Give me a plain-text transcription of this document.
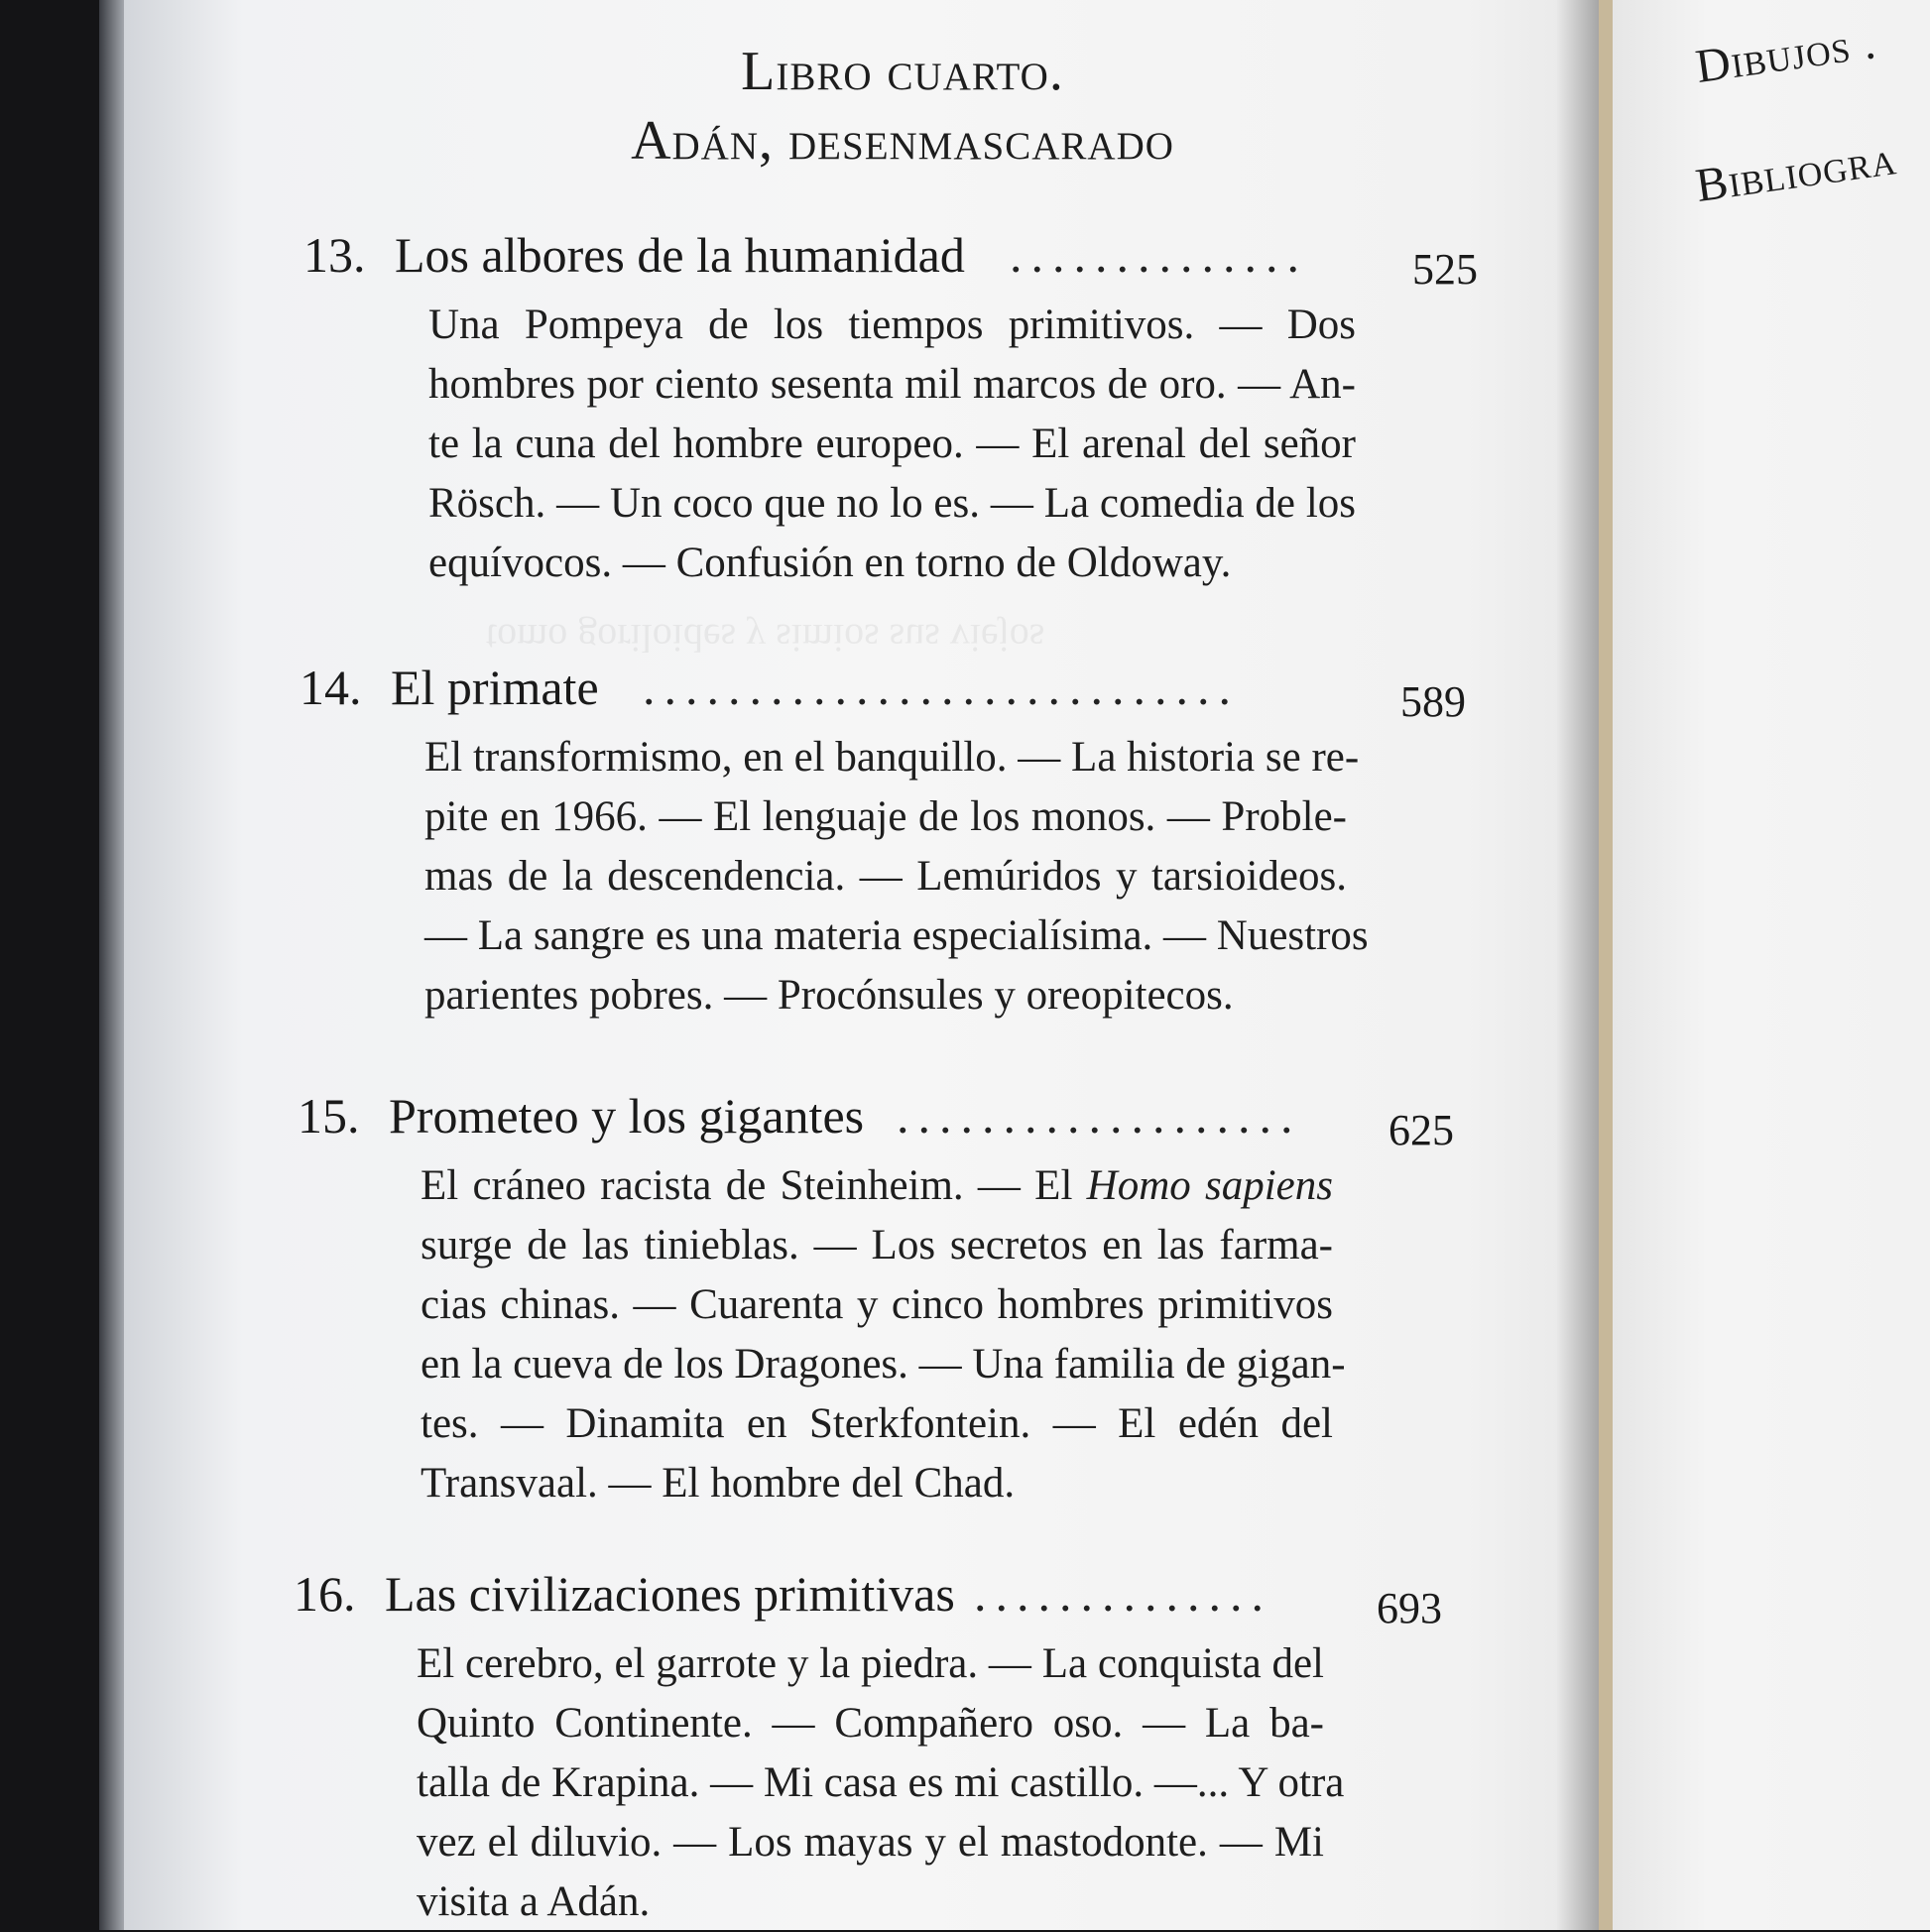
Dibujos .
Bibliogra
tomo goriloides y simios sus viejos
Libro cuarto.
Adán, desenmascarado
13. Los albores de la humanidad ..............	525
Una Pompeya de los tiempos primitivos. — Dos
hombres por ciento sesenta mil marcos de oro. — An-
te la cuna del hombre europeo. — El arenal del señor
Rösch. — Un coco que no lo es. — La comedia de los
equívocos. — Confusión en torno de Oldoway.
14. El primate ............................	589
El transformismo, en el banquillo. — La historia se re-
pite en 1966. — El lenguaje de los monos. — Proble-
mas de la descendencia. — Lemúridos y tarsioideos.
— La sangre es una materia especialísima. — Nuestros
parientes pobres. — Procónsules y oreopitecos.
15. Prometeo y los gigantes ...................	625
El cráneo racista de Steinheim. — El Homo sapiens
surge de las tinieblas. — Los secretos en las farma-
cias chinas. — Cuarenta y cinco hombres primitivos
en la cueva de los Dragones. — Una familia de gigan-
tes. — Dinamita en Sterkfontein. — El edén del
Transvaal. — El hombre del Chad.
16. Las civilizaciones primitivas ..............	693
El cerebro, el garrote y la piedra. — La conquista del
Quinto Continente. — Compañero oso. — La ba-
talla de Krapina. — Mi casa es mi castillo. —... Y otra
vez el diluvio. — Los mayas y el mastodonte. — Mi
visita a Adán.
